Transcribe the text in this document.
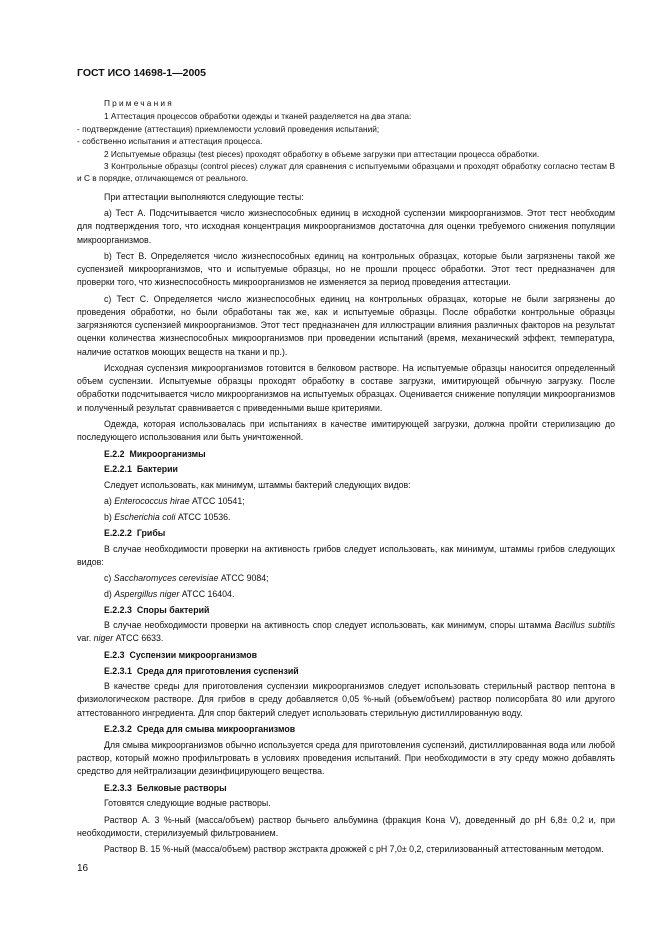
ГОСТ ИСО 14698-1—2005

Примечания

1 Аттестация процессов обработки одежды и тканей разделяется на два этапа:

- подтверждение (аттестация) приемлемости условий проведения испытаний;

- собственно испытания и аттестация процесса.

2 Испытуемые образцы (test pieces) проходят обработку в объеме загрузки при аттестации процесса обработки.

3 Контрольные образцы (control pieces) служат для сравнения с испытуемыми образцами и проходят обработку согласно тестам В и С в порядке, отличающемся от реального.

При аттестации выполняются следующие тесты:

а) Тест А. Подсчитывается число жизнеспособных единиц в исходной суспензии микроорганизмов. Этот тест необходим для подтверждения того, что исходная концентрация микроорганизмов достаточна для оценки требуемого снижения популяции микроорганизмов.

b) Тест В. Определяется число жизнеспособных единиц на контрольных образцах, которые были загрязнены такой же суспензией микроорганизмов, что и испытуемые образцы, но не прошли процесс обработки. Этот тест предназначен для проверки того, что жизнеспособность микроорганизмов не изменяется за период проведения аттестации.

c) Тест С. Определяется число жизнеспособных единиц на контрольных образцах, которые не были загрязнены до проведения обработки, но были обработаны так же, как и испытуемые образцы. После обработки контрольные образцы загрязняются суспензией микроорганизмов. Этот тест предназначен для иллюстрации влияния различных факторов на результат оценки количества жизнеспособных микроорганизмов при проведении испытаний (время, механический эффект, температура, наличие остатков моющих веществ на ткани и пр.).

Исходная суспензия микроорганизмов готовится в белковом растворе. На испытуемые образцы наносится определенный объем суспензии. Испытуемые образцы проходят обработку в составе загрузки, имитирующей обычную загрузку. После обработки подсчитывается число микроорганизмов на испытуемых образцах. Оценивается снижение популяции микроорганизмов и полученный результат сравнивается с приведенными выше критериями.

Одежда, которая использовалась при испытаниях в качестве имитирующей загрузки, должна пройти стерилизацию до последующего использования или быть уничтоженной.

Е.2.2 Микроорганизмы

Е.2.2.1 Бактерии

Следует использовать, как минимум, штаммы бактерий следующих видов:

а) Enterococcus hirae АТСС 10541;

b) Escherichia coli АТСС 10536.

Е.2.2.2 Грибы

В случае необходимости проверки на активность грибов следует использовать, как минимум, штаммы грибов следующих видов:

c) Saccharomyces cerevisiae АТСС 9084;

d) Aspergillus niger АТСС 16404.

Е.2.2.3 Споры бактерий

В случае необходимости проверки на активность спор следует использовать, как минимум, споры штамма Bacillus subtilis var. niger АТСС 6633.

Е.2.3 Суспензии микроорганизмов

Е.2.3.1 Среда для приготовления суспензий

В качестве среды для приготовления суспензии микроорганизмов следует использовать стерильный раствор пептона в физиологическом растворе. Для грибов в среду добавляется 0,05 %-ный (объем/объем) раствор полисорбата 80 или другого аттестованного ингредиента. Для спор бактерий следует использовать стерильную дистиллированную воду.

Е.2.3.2 Среда для смыва микроорганизмов

Для смыва микроорганизмов обычно используется среда для приготовления суспензий, дистиллированная вода или любой раствор, который можно профильтровать в условиях проведения испытаний. При необходимости в эту среду можно добавлять средство для нейтрализации дезинфицирующего вещества.

Е.2.3.3 Белковые растворы

Готовятся следующие водные растворы.

Раствор А. 3 %-ный (масса/объем) раствор бычьего альбумина (фракция Кона V), доведенный до pH 6,8± 0,2 и, при необходимости, стерилизуемый фильтрованием.

Раствор В. 15 %-ный (масса/объем) раствор экстракта дрожжей с pH 7,0± 0,2, стерилизованный аттестованным методом.

16
